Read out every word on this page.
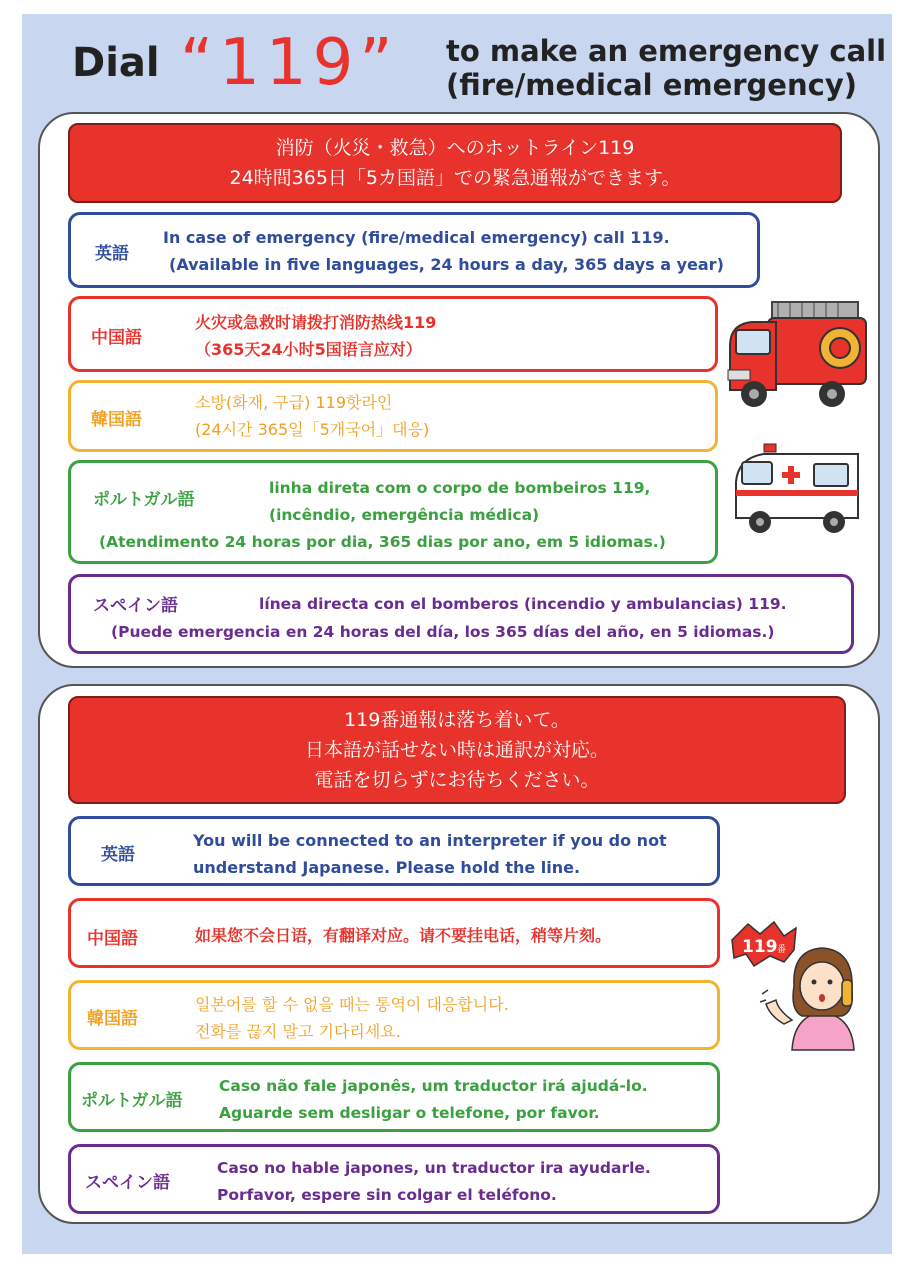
Dial “119” to make an emergency call
(fire/medical emergency)
消防（火災・救急）へのホットライン119
24時間365日「5カ国語」での緊急通報ができます。
英語
In case of emergency (fire/medical emergency) call 119.
(Available in five languages, 24 hours a day, 365 days a year)
中国語
火灾或急救时请拨打消防热线119
（365天24小时5国语言应对）
韓国語
소방(화재, 구급) 119핫라인
(24시간 365일「5개국어」대응)
ポルトガル語
linha direta com o corpo de bombeiros 119,
(incêndio, emergência médica)
(Atendimento 24 horas por dia, 365 dias por ano, em 5 idiomas.)
スペイン語	línea directa con el bomberos (incendio y ambulancias) 119.
(Puede emergencia en 24 horas del día, los 365 días del año, en 5 idiomas.)
119番通報は落ち着いて。
日本語が話せない時は通訳が対応。
電話を切らずにお待ちください。
英語
You will be connected to an interpreter if you do not
understand Japanese. Please hold the line.
中国語	如果您不会日语，有翻译对应。请不要挂电话，稍等片刻。
韓国語
일본어를 할 수 없을 때는 통역이 대응합니다.
전화를 끊지 말고 기다리세요.
ポルトガル語
Caso não fale japonês, um traductor irá ajudá-lo.
Aguarde sem desligar o telefone, por favor.
スペイン語
Caso no hable japones, un traductor ira ayudarle.
Porfavor, espere sin colgar el teléfono.
119 番
